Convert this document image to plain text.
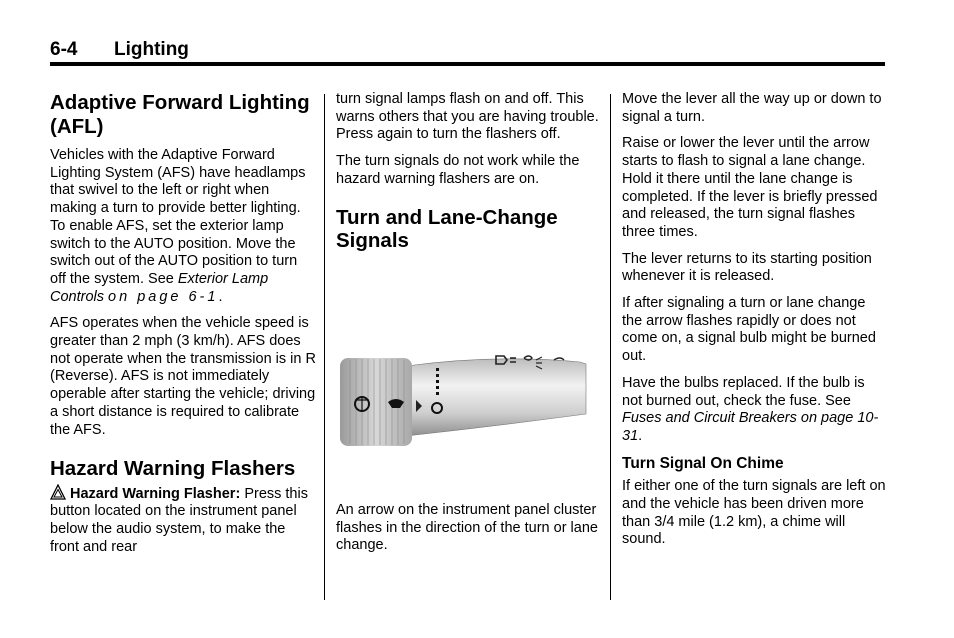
6-4 Lighting
Adaptive Forward Lighting (AFL)

Vehicles with the Adaptive Forward Lighting System (AFS) have headlamps that swivel to the left or right when making a turn to provide better lighting. To enable AFS, set the exterior lamp switch to the AUTO position. Move the switch out of the AUTO position to turn off the system. See Exterior Lamp Controls on page 6-1.

AFS operates when the vehicle speed is greater than 2 mph (3 km/h). AFS does not operate when the transmission is in R (Reverse). AFS is not immediately operable after starting the vehicle; driving a short distance is required to calibrate the AFS.

Hazard Warning Flashers

Hazard Warning Flasher: Press this button located on the instrument panel below the audio system, to make the front and rear

turn signal lamps flash on and off. This warns others that you are having trouble. Press again to turn the flashers off.

The turn signals do not work while the hazard warning flashers are on.

Turn and Lane-Change Signals

An arrow on the instrument panel cluster flashes in the direction of the turn or lane change.

Move the lever all the way up or down to signal a turn.

Raise or lower the lever until the arrow starts to flash to signal a lane change. Hold it there until the lane change is completed. If the lever is briefly pressed and released, the turn signal flashes three times.

The lever returns to its starting position whenever it is released.

If after signaling a turn or lane change the arrow flashes rapidly or does not come on, a signal bulb might be burned out.

Have the bulbs replaced. If the bulb is not burned out, check the fuse. See Fuses and Circuit Breakers on page 10-31.

Turn Signal On Chime

If either one of the turn signals are left on and the vehicle has been driven more than 3/4 mile (1.2 km), a chime will sound.
